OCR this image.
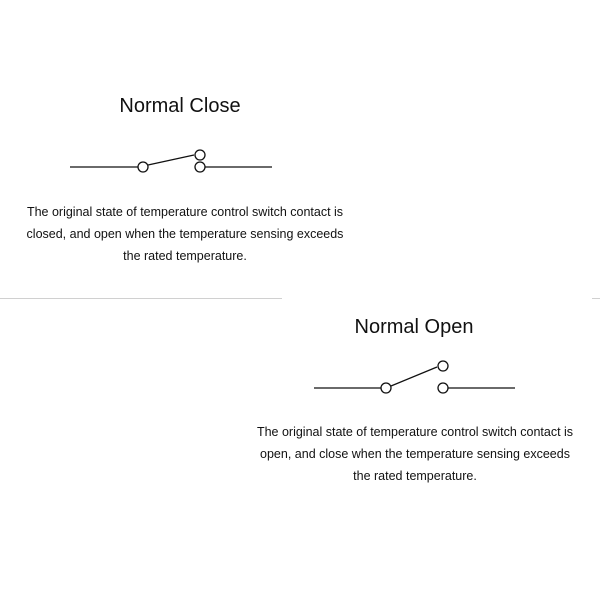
Normal Close
The original state of temperature control switch contact is
closed, and open when the temperature sensing exceeds
the rated temperature.
Normal Open
The original state of temperature control switch contact is
open, and close when the temperature sensing exceeds
the rated temperature.
